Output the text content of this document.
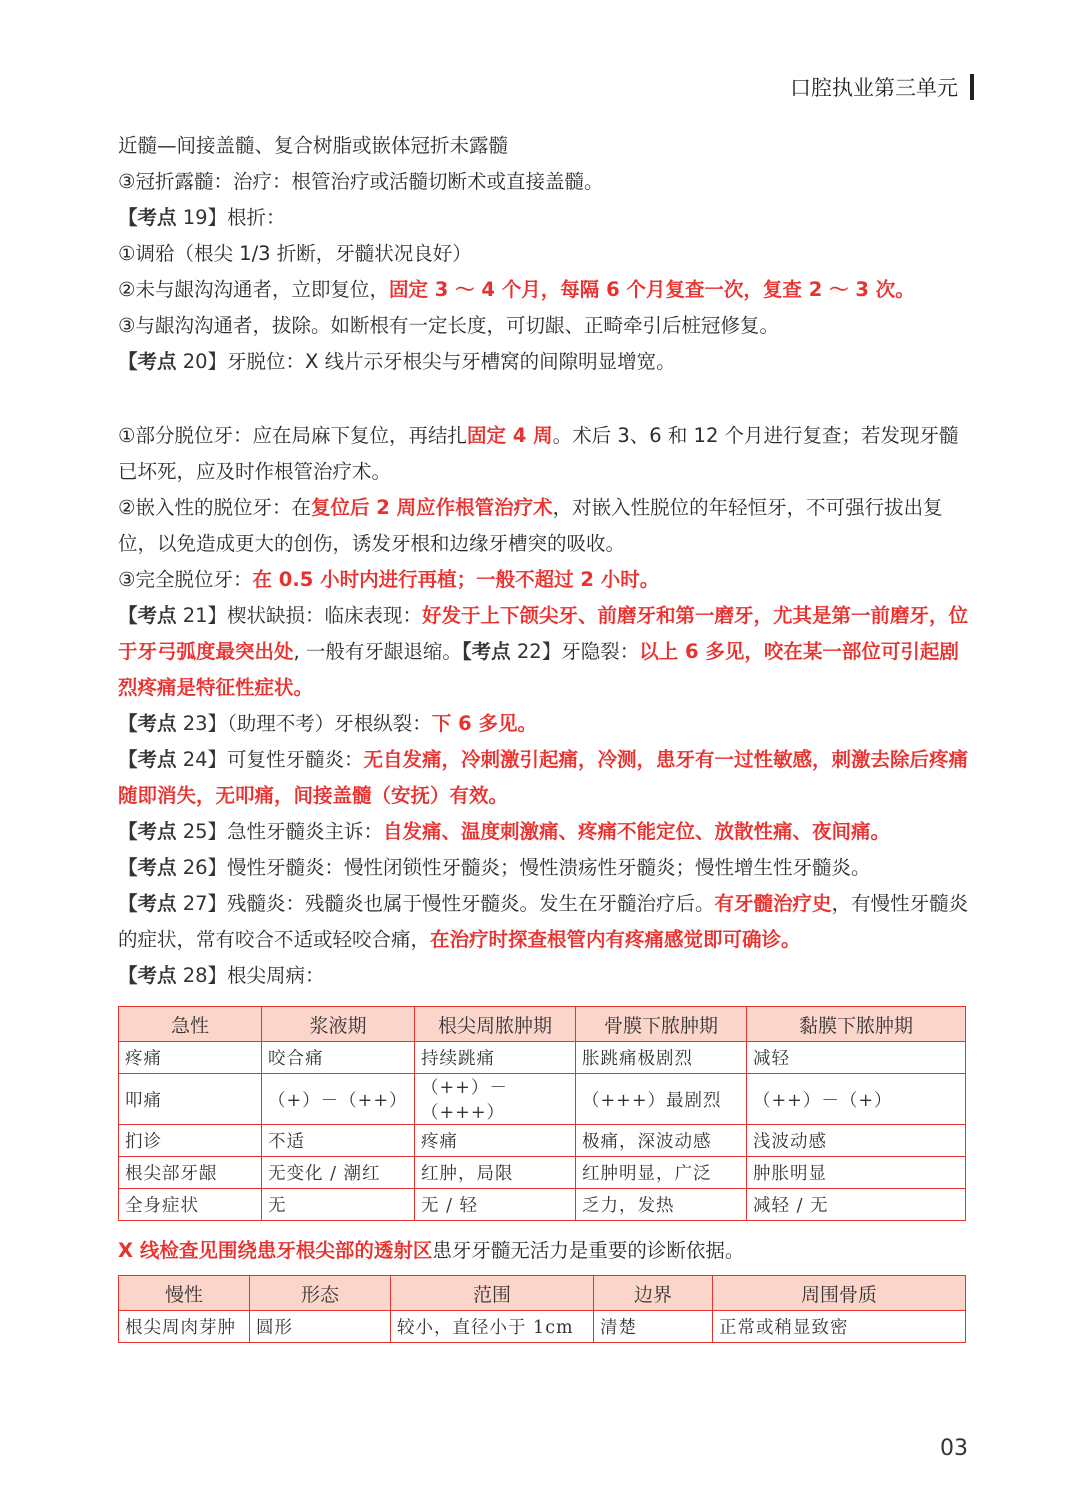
口腔执业第三单元

近髓—间接盖髓、复合树脂或嵌体冠折未露髓

③冠折露髓：治疗：根管治疗或活髓切断术或直接盖髓。

【考点 19】根折：

①调𬌗（根尖 1/3 折断，牙髓状况良好）

②未与龈沟沟通者，立即复位，固定 3 ～ 4 个月，每隔 6 个月复查一次，复查 2 ～ 3 次。

③与龈沟沟通者，拔除。如断根有一定长度，可切龈、正畸牵引后桩冠修复。

【考点 20】牙脱位：X 线片示牙根尖与牙槽窝的间隙明显增宽。

①部分脱位牙：应在局麻下复位，再结扎固定 4 周。术后 3、6 和 12 个月进行复查；若发现牙髓已坏死，应及时作根管治疗术。

②嵌入性的脱位牙：在复位后 2 周应作根管治疗术，对嵌入性脱位的年轻恒牙，不可强行拔出复位，以免造成更大的创伤，诱发牙根和边缘牙槽突的吸收。

③完全脱位牙：在 0.5 小时内进行再植；一般不超过 2 小时。

【考点 21】楔状缺损：临床表现：好发于上下颌尖牙、前磨牙和第一磨牙，尤其是第一前磨牙，位于牙弓弧度最突出处, 一般有牙龈退缩。【考点 22】牙隐裂：以上 6 多见，咬在某一部位可引起剧烈疼痛是特征性症状。

【考点 23】（助理不考）牙根纵裂：下 6 多见。

【考点 24】可复性牙髓炎：无自发痛，冷刺激引起痛，冷测，患牙有一过性敏感，刺激去除后疼痛随即消失，无叩痛，间接盖髓（安抚）有效。

【考点 25】急性牙髓炎主诉：自发痛、温度刺激痛、疼痛不能定位、放散性痛、夜间痛。

【考点 26】慢性牙髓炎：慢性闭锁性牙髓炎；慢性溃疡性牙髓炎；慢性增生性牙髓炎。

【考点 27】残髓炎：残髓炎也属于慢性牙髓炎。发生在牙髓治疗后。有牙髓治疗史，有慢性牙髓炎的症状，常有咬合不适或轻咬合痛，在治疗时探查根管内有疼痛感觉即可确诊。

【考点 28】根尖周病：

急性	浆液期	根尖周脓肿期	骨膜下脓肿期	黏膜下脓肿期
疼痛	咬合痛	持续跳痛	胀跳痛极剧烈	减轻
叩痛	（+）－（++）	（++）－（+++）	（+++）最剧烈	（++）－（+）
扪诊	不适	疼痛	极痛，深波动感	浅波动感
根尖部牙龈	无变化 / 潮红	红肿，局限	红肿明显，广泛	肿胀明显
全身症状	无	无 / 轻	乏力，发热	减轻 / 无

X 线检查见围绕患牙根尖部的透射区患牙牙髓无活力是重要的诊断依据。

慢性	形态	范围	边界	周围骨质
根尖周肉芽肿	圆形	较小，直径小于 1cm	清楚	正常或稍显致密
03
